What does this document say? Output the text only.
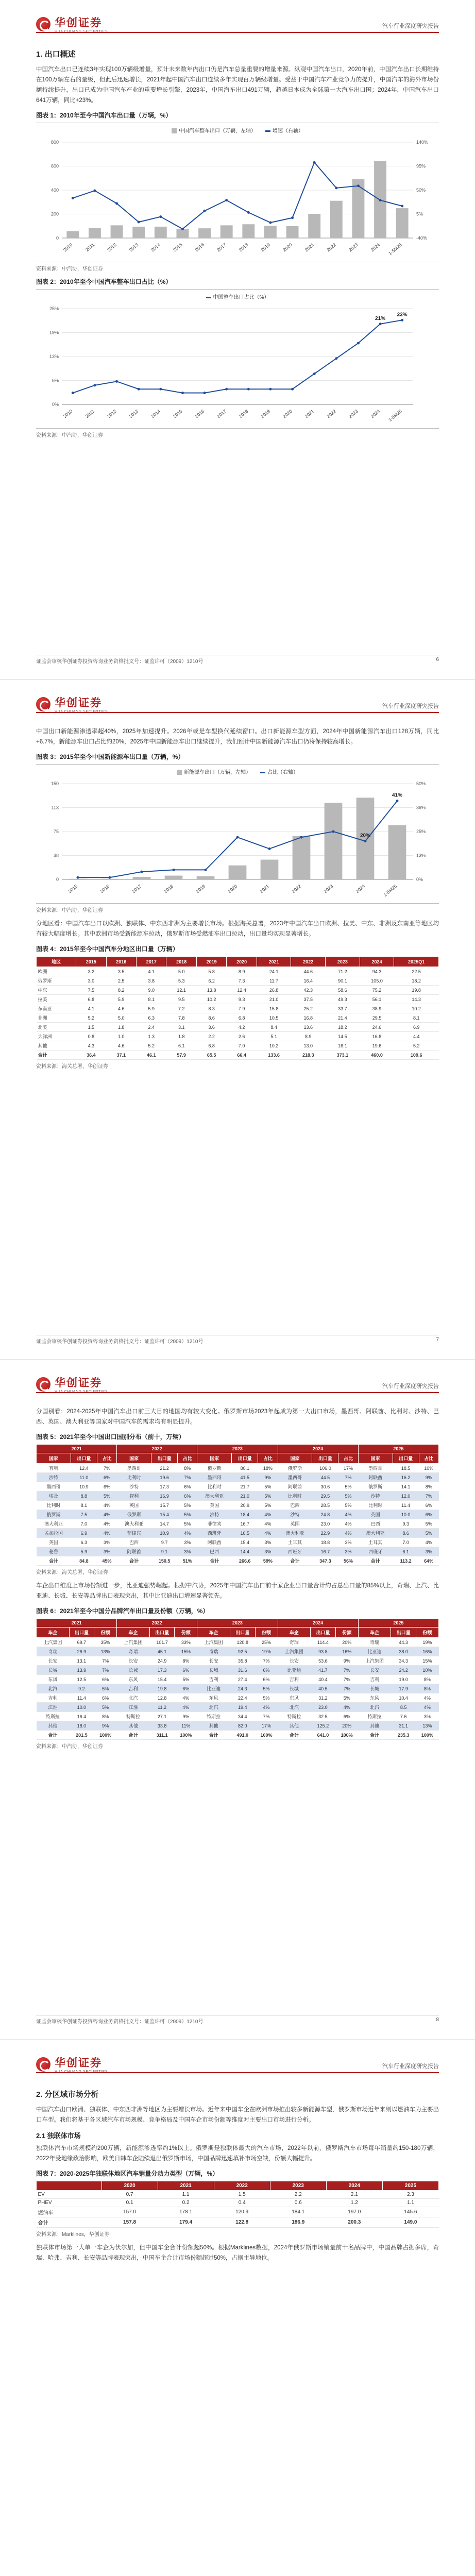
华创证券	汽车行业深度研究报告
1. 出口概述

中国汽车出口已连续3年实现100万辆级增量，预计未来数年内出口仍是汽车总量重要的增量来源。纵观中国汽车出口，2020年前，中国汽车出口长期维持在100万辆左右的量级，但此后迅速增长，2021年起中国汽车出口连续多年实现百万辆级增量。受益于中国汽车产业竞争力的提升，中国汽车的海外市场份额持续提升，出口已成为中国汽车产业的重要增长引擎，2023年，中国汽车出口491万辆，超越日本成为全球第一大汽车出口国；2024年，中国汽车出口641万辆，同比+23%。

图表 1：2010年至今中国汽车出口量（万辆，%）
中国汽车整车出口（万辆，左轴）	增速（右轴）
0	-40%
200	5%
400	50%
600	95%
800	140%
2010 2011 2012 2013 2014 2015 2016 2017 2018 2019 2020 2021 2022 2023 2024 1-5M25
资料来源：中汽协，华创证券
图表 2：2010年至今中国汽车整车出口占比（%）
中国整车出口占比（%）
0%
6%
13%
19%
25%
21%
22%
2010 2011 2012 2013 2014 2015 2016 2017 2018 2019 2020 2021 2022 2023 2024 1-5M25
资料来源：中汽协，华创证券
证监会审核华创证券投资咨询业务资格批文号：证监许可（2009）1210号	6
华创证券	汽车行业深度研究报告

中国出口新能源渗透率超40%，2025年加速提升。2026年或是车型换代延续窗口。出口新能源车型方面，2024年中国新能源汽车出口128万辆，同比+6.7%，新能源车出口占比约20%，2025年中国新能源车出口继续提升，我们预计中国新能源汽车出口仍将保持较高增长。

图表 3：2015年至今中国新能源车出口量（万辆，%）
新能源车出口（万辆，左轴）	占比（右轴）
0	0%
38	13%
75	25%
113	38%
150	50%
20%
41%
2015	2016	2017	2018	2019	2020	2021	2022	2023	2024	1-5M25
资料来源：中汽协，华创证券

分地区看：中国汽车出口以欧洲、独联体、中东西非洲为主要增长市场。根据海关总署，2023年中国汽车出口欧洲、拉美、中东、非洲及东南亚等地区均有较大幅度增长。其中欧洲市场受新能源车拉动，俄罗斯市场受燃油车出口拉动，出口量均实现显著增长。

图表 4：2015年至今中国汽车分地区出口量（万辆）
地区	2015	2016	2017	2018	2019	2020	2021	2022	2023	2024	2025Q1
欧洲	3.2	3.5	4.1	5.0	5.8	8.9	24.1	44.6	71.2	94.3	22.5
俄罗斯	3.0	2.5	3.8	5.3	6.2	7.3	11.7	16.4	90.1	105.0	18.2
中东	7.5	8.2	9.0	12.1	13.8	12.4	26.8	42.3	58.6	75.2	19.8
拉美	6.8	5.9	8.1	9.5	10.2	9.3	21.0	37.5	49.3	56.1	14.3
东南亚	4.1	4.6	5.9	7.2	8.3	7.9	15.8	25.2	33.7	38.9	10.2
非洲	5.2	5.0	6.3	7.8	8.6	6.8	10.5	16.8	21.4	29.5	8.1
北美	1.5	1.8	2.4	3.1	3.6	4.2	8.4	13.6	18.2	24.6	6.9
大洋洲	0.8	1.0	1.3	1.8	2.2	2.6	5.1	8.9	14.5	16.8	4.4
其他	4.3	4.6	5.2	6.1	6.8	7.0	10.2	13.0	16.1	19.6	5.2
合计	36.4	37.1	46.1	57.9	65.5	66.4	133.6	218.3	373.1	460.0	109.6
资料来源：海关总署，华创证券
证监会审核华创证券投资咨询业务资格批文号：证监许可（2009）1210号	7
华创证券	汽车行业深度研究报告

分国别看：2024-2025年中国汽车出口前三大目的地国均有较大变化。俄罗斯市场2023年起成为第一大出口市场，墨西哥、阿联酋、比利时、沙特、巴西、英国、澳大利亚等国家对中国汽车的需求均有明显提升。

图表 5：2021年至今中国出口国别分布（前十，万辆）
2021			2022			2023			2024			2025		
国家	出口量	占比	国家	出口量	占比	国家	出口量	占比	国家	出口量	占比	国家	出口量	占比
智利	12.4	7%	墨西哥	21.2	8%	俄罗斯	80.1	18%	俄罗斯	106.0	17%	墨西哥	18.5	10%
沙特	11.0	6%	比利时	19.6	7%	墨西哥	41.5	9%	墨西哥	44.5	7%	阿联酋	16.2	9%
墨西哥	10.9	6%	沙特	17.3	6%	比利时	21.7	5%	阿联酋	30.6	5%	俄罗斯	14.1	8%
埃及	8.8	5%	智利	16.9	6%	澳大利亚	21.0	5%	比利时	29.5	5%	沙特	12.0	7%
比利时	8.1	4%	英国	15.7	5%	英国	20.9	5%	巴西	28.5	5%	比利时	11.4	6%
俄罗斯	7.5	4%	俄罗斯	15.4	5%	沙特	18.4	4%	沙特	24.8	4%	英国	10.0	6%
澳大利亚	7.0	4%	澳大利亚	14.7	5%	菲律宾	16.7	4%	英国	23.0	4%	巴西	9.3	5%
孟加拉国	6.9	4%	菲律宾	10.9	4%	西班牙	16.5	4%	澳大利亚	22.9	4%	澳大利亚	8.6	5%
英国	6.3	3%	巴西	9.7	3%	阿联酋	15.4	3%	土耳其	18.8	3%	土耳其	7.0	4%
秘鲁	5.9	3%	阿联酋	9.1	3%	巴西	14.4	3%	西班牙	16.7	3%	西班牙	6.1	3%
合计	84.8	45%	合计	150.5	51%	合计	266.6	59%	合计	347.3	56%	合计	113.2	64%
资料来源：海关总署，华创证券

车企出口维度上市场份额进一步，比亚迪强势崛起。根据中汽协，2025年中国汽车出口前十家企业出口量合计约占总出口量的85%以上，奇瑞、上汽、比亚迪、长城、长安等品牌出口表现突出，其中比亚迪出口增速显著领先。

图表 6：2021年至今中国分品牌汽车出口量及份额（万辆，%）
2021			2022			2023			2024			2025		
车企	出口量	份额	车企	出口量	份额	车企	出口量	份额	车企	出口量	份额	车企	出口量	份额
上汽集团	69.7	35%	上汽集团	101.7	33%	上汽集团	120.8	25%	奇瑞	114.4	20%	奇瑞	44.3	19%
奇瑞	26.9	13%	奇瑞	45.1	15%	奇瑞	92.5	19%	上汽集团	93.8	16%	比亚迪	38.0	16%
长安	13.1	7%	长安	24.9	8%	长安	35.8	7%	长安	53.6	9%	上汽集团	34.3	15%
长城	13.9	7%	长城	17.3	6%	长城	31.6	6%	比亚迪	41.7	7%	长安	24.2	10%
东风	12.5	6%	东风	15.4	5%	吉利	27.4	6%	吉利	40.4	7%	吉利	19.0	8%
北汽	9.2	5%	吉利	19.8	6%	比亚迪	24.3	5%	长城	40.5	7%	长城	17.9	8%
吉利	11.4	6%	北汽	12.8	4%	东风	22.4	5%	东风	31.2	5%	东风	10.4	4%
江淮	10.0	5%	江淮	11.2	4%	北汽	19.4	4%	北汽	23.0	4%	北汽	8.5	4%
特斯拉	16.4	8%	特斯拉	27.1	9%	特斯拉	34.4	7%	特斯拉	32.5	6%	特斯拉	7.6	3%
其他	18.0	9%	其他	33.8	11%	其他	82.0	17%	其他	125.2	20%	其他	31.1	13%
合计	201.5	100%	合计	311.1	100%	合计	491.0	100%	合计	641.0	100%	合计	235.3	100%
资料来源：中汽协，华创证券
证监会审核华创证券投资咨询业务资格批文号：证监许可（2009）1210号	8
华创证券	汽车行业深度研究报告
2. 分区域市场分析

中国汽车出口欧洲、独联体、中东西非洲等地区为主要增长市场。近年来中国车企在欧洲市场推出较多新能源车型，俄罗斯市场近年来则以燃油车为主要出口车型。我们将基于各区域汽车市场规模、竞争格局及中国车企市场份额等维度对主要出口市场进行分析。

2.1 独联体市场

独联体汽车市场规模约200万辆，新能源渗透率约1%以上。俄罗斯是独联体最大的汽车市场，2022年以前，俄罗斯汽车市场每年销量约150-180万辆，2022年受地缘政治影响，欧美日韩车企陆续退出俄罗斯市场，中国品牌迅速填补市场空缺，份额大幅提升。

图表 7：2020-2025年独联体地区汽车销量分动力类型（万辆，%）
	2020	2021	2022	2023	2024	2025
EV	0.7	1.1	1.5	2.2	2.1	2.3
PHEV	0.1	0.2	0.4	0.6	1.2	1.1
燃油车	157.0	178.1	120.9	184.1	197.0	145.6
合计	157.8	179.4	122.8	186.9	200.3	149.0
资料来源：Marklines，华创证券

独联体市场第一大单一车企为伏尔加，但中国车企合计份额超50%。根据Marklines数据，2024年俄罗斯市场销量前十名品牌中，中国品牌占据多席，奇瑞、哈弗、吉利、长安等品牌表现突出，中国车企合计市场份额超过50%，占据主导地位。
